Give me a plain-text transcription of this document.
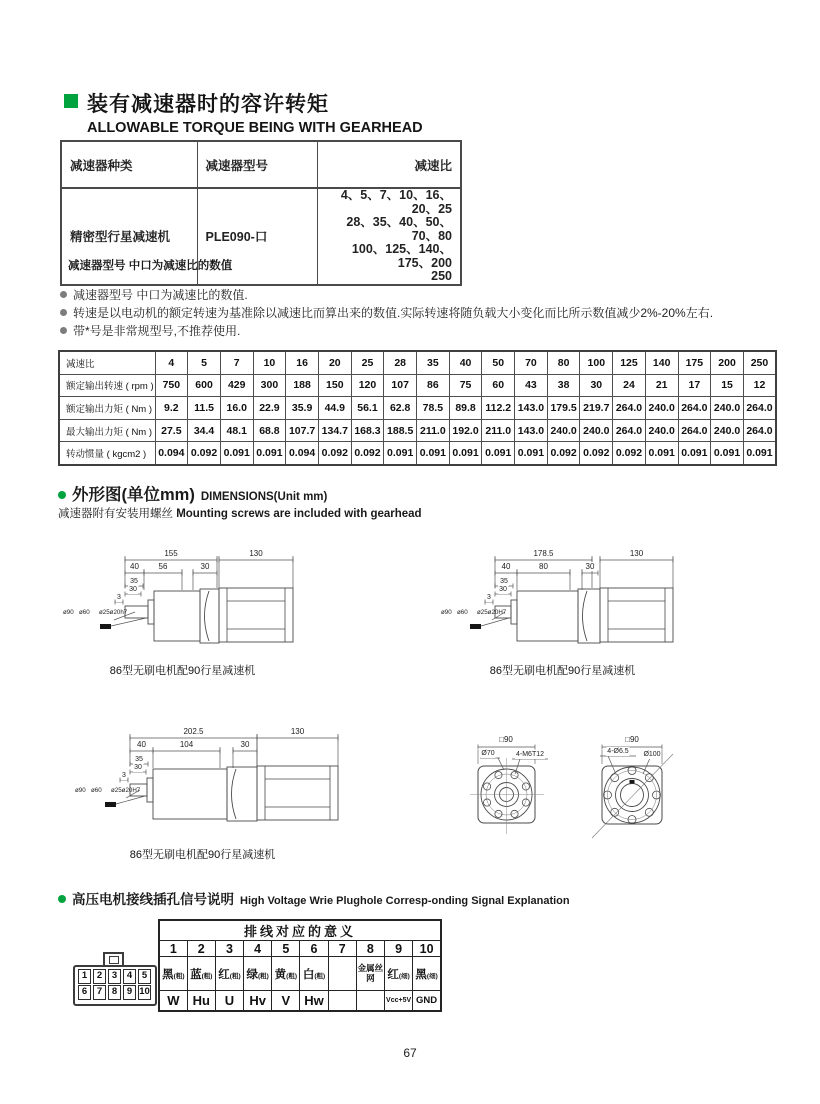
装有减速器时的容许转矩
ALLOWABLE TORQUE BEING WITH GEARHEAD
减速器种类	减速器型号	减速比
精密型行星减速机	PLE090-口	4、5、7、10、16、20、25
28、35、40、50、70、80
100、125、140、175、200
250
减速器型号 中口为减速比的数值
减速器型号 中口为减速比的数值.
转速是以电动机的额定转速为基准除以减速比而算出来的数值.实际转速将随负载大小变化而比所示数值减少2%-20%左右.
带*号是非常规型号,不推荐使用.
减速比	4	5	7	10	16	20	25	28	35	40	50	70	80	100	125	140	175	200	250
额定输出转速 ( rpm )	750	600	429	300	188	150	120	107	86	75	60	43	38	30	24	21	17	15	12
额定输出力矩 ( Nm )	9.2	11.5	16.0	22.9	35.9	44.9	56.1	62.8	78.5	89.8	112.2	143.0	179.5	219.7	264.0	240.0	264.0	240.0	264.0
最大输出力矩 ( Nm )	27.5	34.4	48.1	68.8	107.7	134.7	168.3	188.5	211.0	192.0	211.0	143.0	240.0	240.0	264.0	240.0	264.0	240.0	264.0
转动惯量 ( kgcm2 )	0.094	0.092	0.091	0.091	0.094	0.092	0.092	0.091	0.091	0.091	0.091	0.091	0.092	0.092	0.092	0.091	0.091	0.091	0.091
外形图(单位mm) DIMENSIONS(Unit mm)
减速器附有安装用螺丝 Mounting screws are included with gearhead
155	130
40 56	30
35
30
3
ø90 ø60 ø25ø20h7
178.5	130
40	80	30
35
30
3
ø90 ø60 ø25ø20H7
202.5	130
40	104	30
35
30
3
ø90 ø60 ø25ø20H7
□90
Ø70	4-M6T12
□90
4-Ø6.5 Ø100
86型无刷电机配90行星减速机	86型无刷电机配90行星减速机
86型无刷电机配90行星减速机
高压电机接线插孔信号说明 High Voltage Wrie Plughole Corresp-onding Signal Explanation
1	2	3	4	5
6	7	8	9 10
排线对应的意义									
1	2	3	4	5	6	7	8	9	10
黑(粗)	蓝(粗)	红(粗)	绿(粗)	黄(粗)	白(粗)		金属丝网	红(细)	黑(细)
W	Hu	U	Hv	V	Hw			Vcc+5V	GND
67
